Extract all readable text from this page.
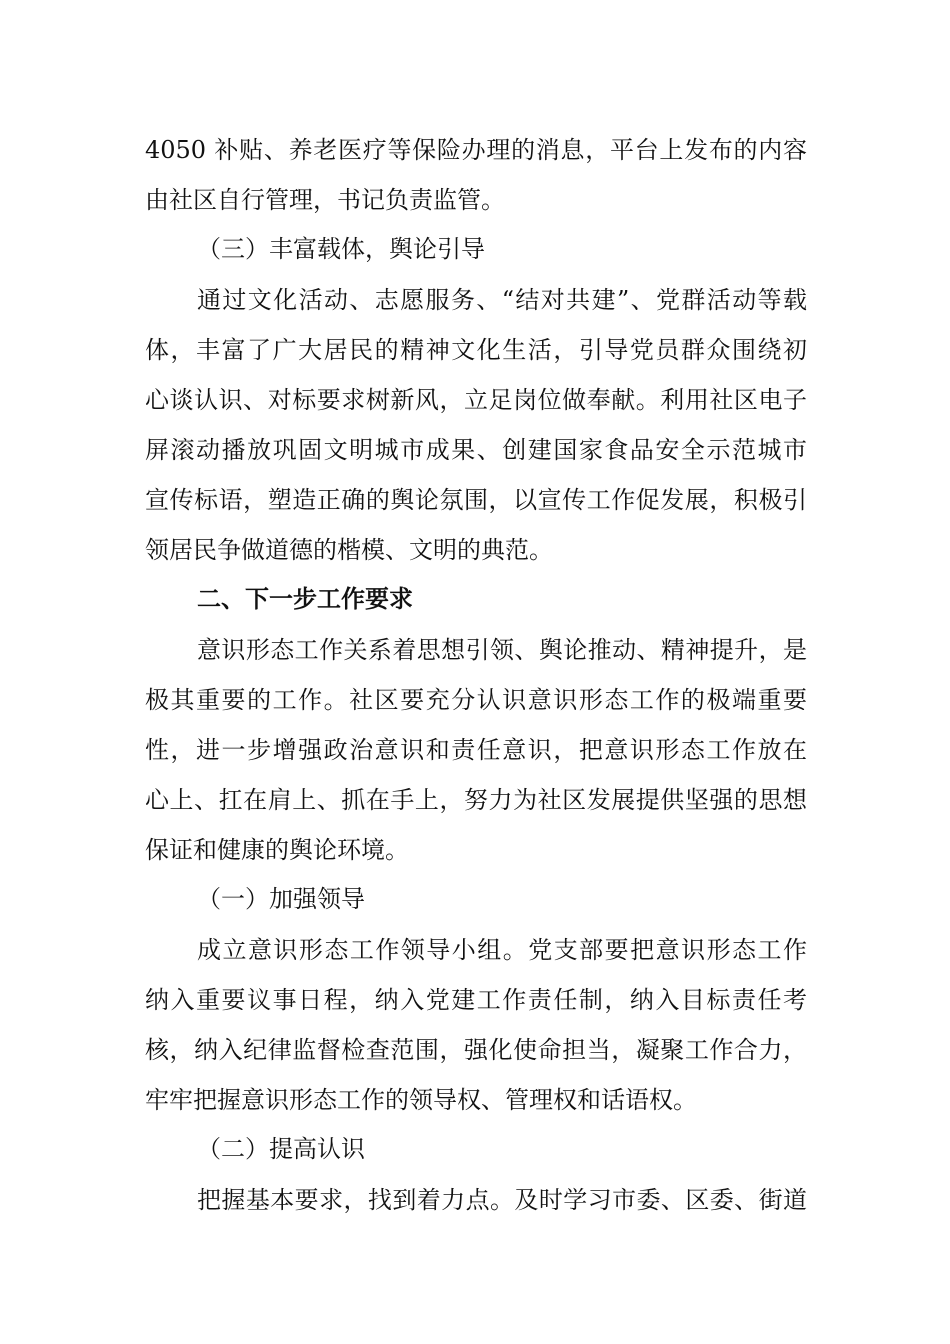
4050 补贴、养老医疗等保险办理的消息，平台上发布的内容
由社区自行管理，书记负责监管。
（三）丰富载体，舆论引导
通过文化活动、志愿服务、“结对共建”、党群活动等载
体，丰富了广大居民的精神文化生活，引导党员群众围绕初
心谈认识、对标要求树新风，立足岗位做奉献。利用社区电子
屏滚动播放巩固文明城市成果、创建国家食品安全示范城市
宣传标语，塑造正确的舆论氛围，以宣传工作促发展，积极引
领居民争做道德的楷模、文明的典范。
二、下一步工作要求
意识形态工作关系着思想引领、舆论推动、精神提升，是
极其重要的工作。社区要充分认识意识形态工作的极端重要
性，进一步增强政治意识和责任意识，把意识形态工作放在
心上、扛在肩上、抓在手上，努力为社区发展提供坚强的思想
保证和健康的舆论环境。
（一）加强领导
成立意识形态工作领导小组。党支部要把意识形态工作
纳入重要议事日程，纳入党建工作责任制，纳入目标责任考
核，纳入纪律监督检查范围，强化使命担当，凝聚工作合力，
牢牢把握意识形态工作的领导权、管理权和话语权。
（二）提高认识
把握基本要求，找到着力点。及时学习市委、区委、街道
